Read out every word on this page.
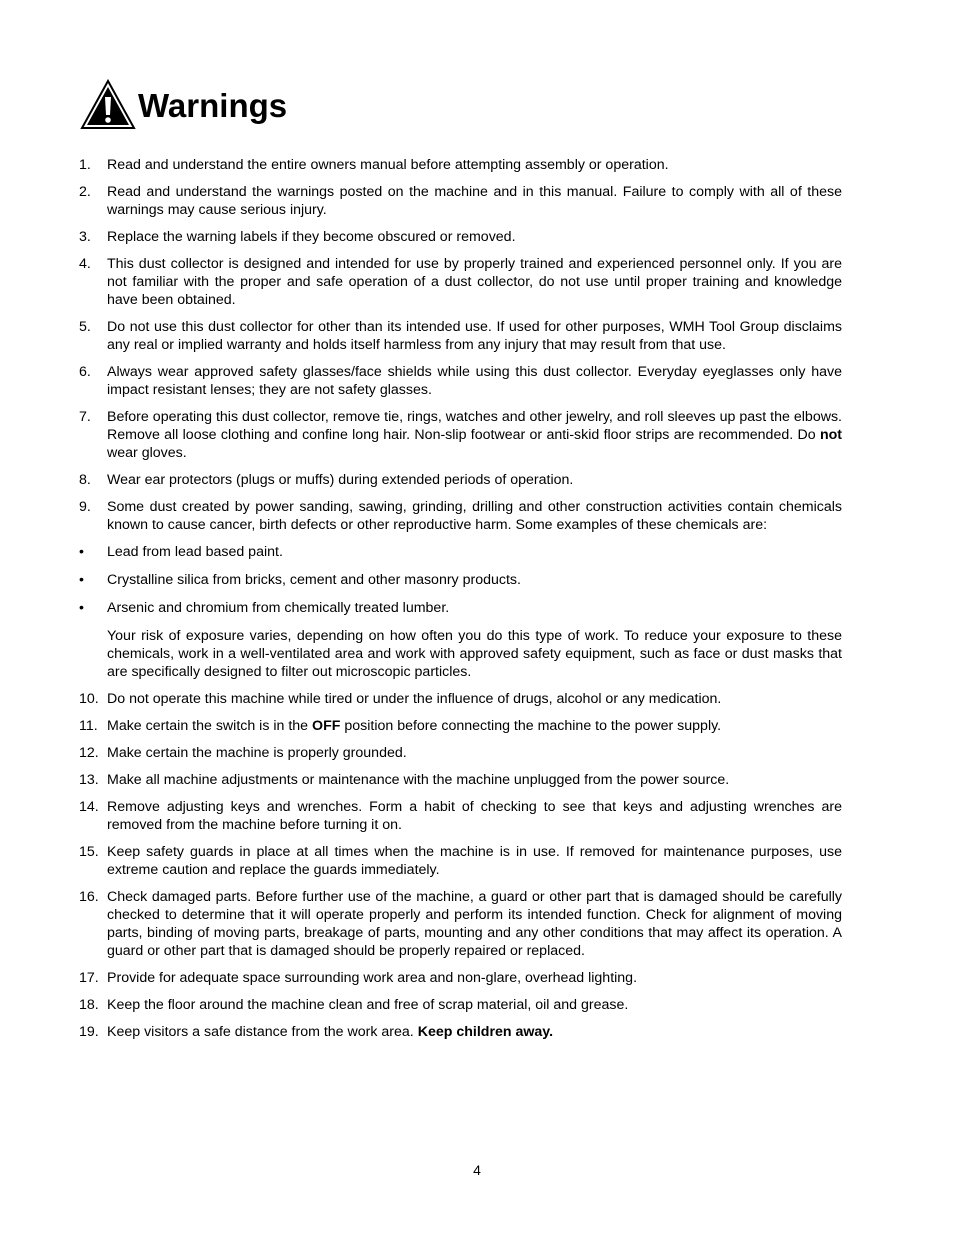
Warnings
1.	Read and understand the entire owners manual before attempting assembly or operation.
2.	Read and understand the warnings posted on the machine and in this manual. Failure to comply with all of these warnings may cause serious injury.
3.	Replace the warning labels if they become obscured or removed.
4.	This dust collector is designed and intended for use by properly trained and experienced personnel only. If you are not familiar with the proper and safe operation of a dust collector, do not use until proper training and knowledge have been obtained.
5.	Do not use this dust collector for other than its intended use. If used for other purposes, WMH Tool Group disclaims any real or implied warranty and holds itself harmless from any injury that may result from that use.
6.	Always wear approved safety glasses/face shields while using this dust collector. Everyday eyeglasses only have impact resistant lenses; they are not safety glasses.
7.	Before operating this dust collector, remove tie, rings, watches and other jewelry, and roll sleeves up past the elbows. Remove all loose clothing and confine long hair. Non-slip footwear or anti-skid floor strips are recommended. Do not wear gloves.
8.	Wear ear protectors (plugs or muffs) during extended periods of operation.
9.	Some dust created by power sanding, sawing, grinding, drilling and other construction activities contain chemicals known to cause cancer, birth defects or other reproductive harm. Some examples of these chemicals are:
•	Lead from lead based paint.
•	Crystalline silica from bricks, cement and other masonry products.
•	Arsenic and chromium from chemically treated lumber.
Your risk of exposure varies, depending on how often you do this type of work. To reduce your exposure to these chemicals, work in a well-ventilated area and work with approved safety equipment, such as face or dust masks that are specifically designed to filter out microscopic particles.
10. Do not operate this machine while tired or under the influence of drugs, alcohol or any medication.
11. Make certain the switch is in the OFF position before connecting the machine to the power supply.
12. Make certain the machine is properly grounded.
13. Make all machine adjustments or maintenance with the machine unplugged from the power source.
14. Remove adjusting keys and wrenches. Form a habit of checking to see that keys and adjusting wrenches are removed from the machine before turning it on.
15. Keep safety guards in place at all times when the machine is in use. If removed for maintenance purposes, use extreme caution and replace the guards immediately.
16. Check damaged parts. Before further use of the machine, a guard or other part that is damaged should be carefully checked to determine that it will operate properly and perform its intended function. Check for alignment of moving parts, binding of moving parts, breakage of parts, mounting and any other conditions that may affect its operation. A guard or other part that is damaged should be properly repaired or replaced.
17. Provide for adequate space surrounding work area and non-glare, overhead lighting.
18. Keep the floor around the machine clean and free of scrap material, oil and grease.
19. Keep visitors a safe distance from the work area. Keep children away.
4
